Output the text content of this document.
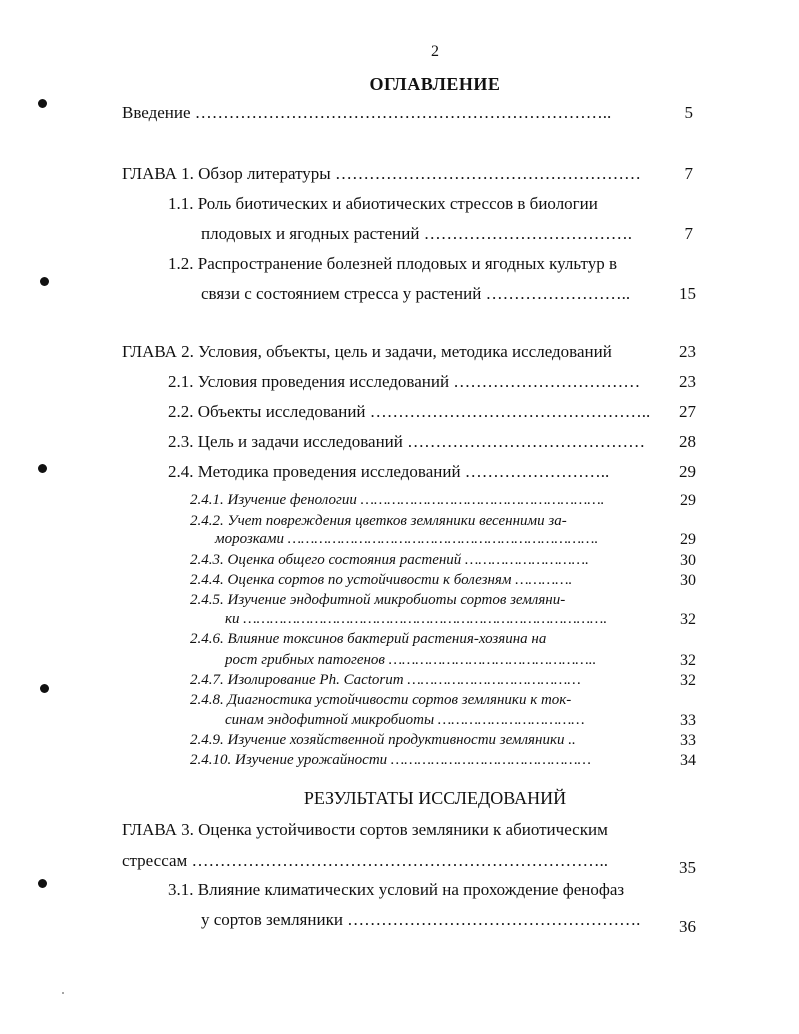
2
ОГЛАВЛЕНИЕ
Введение ………………………………………………………………..	5
ГЛАВА 1. Обзор литературы ………………………………………………	7
1.1. Роль биотических и абиотических стрессов в биологии
плодовых и ягодных растений ……………………………….	7
1.2. Распространение болезней плодовых и ягодных культур в
связи с состоянием стресса у растений ……………………..	15
ГЛАВА 2. Условия, объекты, цель и задачи, методика исследований	23
2.1. Условия проведения исследований ……………………………	23
2.2. Объекты исследований …………………………………………..	27
2.3. Цель и задачи исследований ……………………………………	28
2.4. Методика проведения исследований ……………………..	29
2.4.1. Изучение фенологии ……………………………………………….	29
2.4.2. Учет повреждения цветков земляники весенними за-
морозками …………………………………………………………….	29
2.4.3. Оценка общего состояния растений ……………………….	30
2.4.4. Оценка сортов по устойчивости к болезням ………….	30
2.4.5. Изучение эндофитной микробиоты сортов земляни-
ки ……………………………………………………………………….	32
2.4.6. Влияние токсинов бактерий растения-хозяина на
рост грибных патогенов ………………………………………..	32
2.4.7. Изолирование Ph. Cactorum …………………………………	32
2.4.8. Диагностика устойчивости сортов земляники к ток-
синам эндофитной микробиоты ……………………………	33
2.4.9. Изучение хозяйственной продуктивности земляники ..	33
2.4.10. Изучение урожайности ………………………………………	34
РЕЗУЛЬТАТЫ ИССЛЕДОВАНИЙ
ГЛАВА 3. Оценка устойчивости сортов земляники к абиотическим
стрессам ………………………………………………………………..	35
3.1. Влияние климатических условий на прохождение фенофаз
у сортов земляники …………………………………………….	36
